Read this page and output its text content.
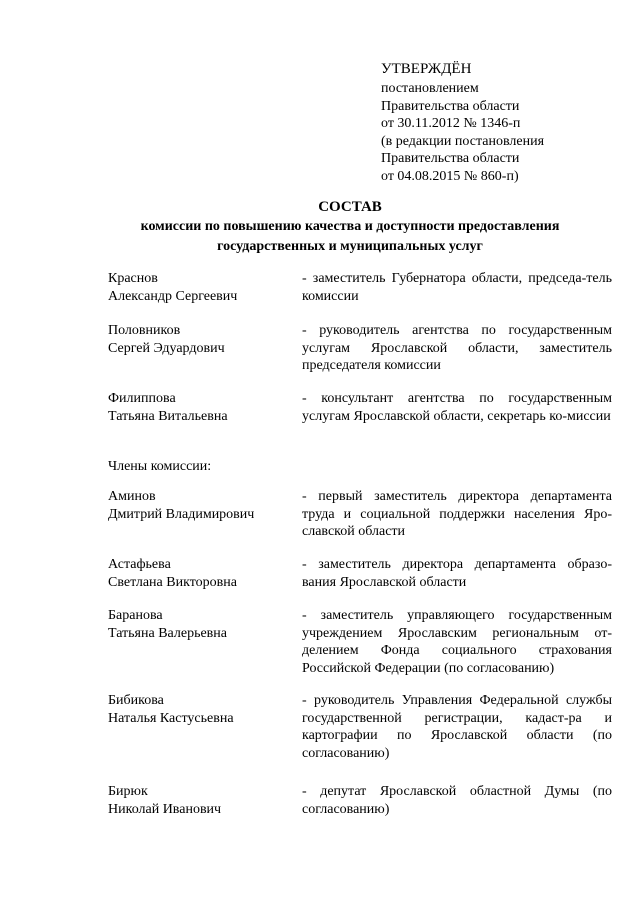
УТВЕРЖДЁН
постановлением
Правительства области
от 30.11.2012 № 1346-п
(в редакции постановления
Правительства области
от 04.08.2015 № 860-п)
СОСТАВ
комиссии по повышению качества и доступности предоставления
государственных и муниципальных услуг
Краснов
Александр Сергеевич
- заместитель Губернатора области, председа-тель комиссии
Половников
Сергей Эдуардович
- руководитель агентства по государственным услугам Ярославской области, заместитель председателя комиссии
Филиппова
Татьяна Витальевна
- консультант агентства по государственным услугам Ярославской области, секретарь ко-миссии
Члены комиссии:
Аминов
Дмитрий Владимирович
- первый заместитель директора департамента труда и социальной поддержки населения Яро-славской области
Астафьева
Светлана Викторовна
- заместитель директора департамента образо-вания Ярославской области
Баранова
Татьяна Валерьевна
- заместитель управляющего государственным учреждением Ярославским региональным от-делением Фонда социального страхования Российской Федерации (по согласованию)
Бибикова
Наталья Кастусьевна
- руководитель Управления Федеральной службы государственной регистрации, кадаст-ра и картографии по Ярославской области (по согласованию)
Бирюк
Николай Иванович
- депутат Ярославской областной Думы (по согласованию)
